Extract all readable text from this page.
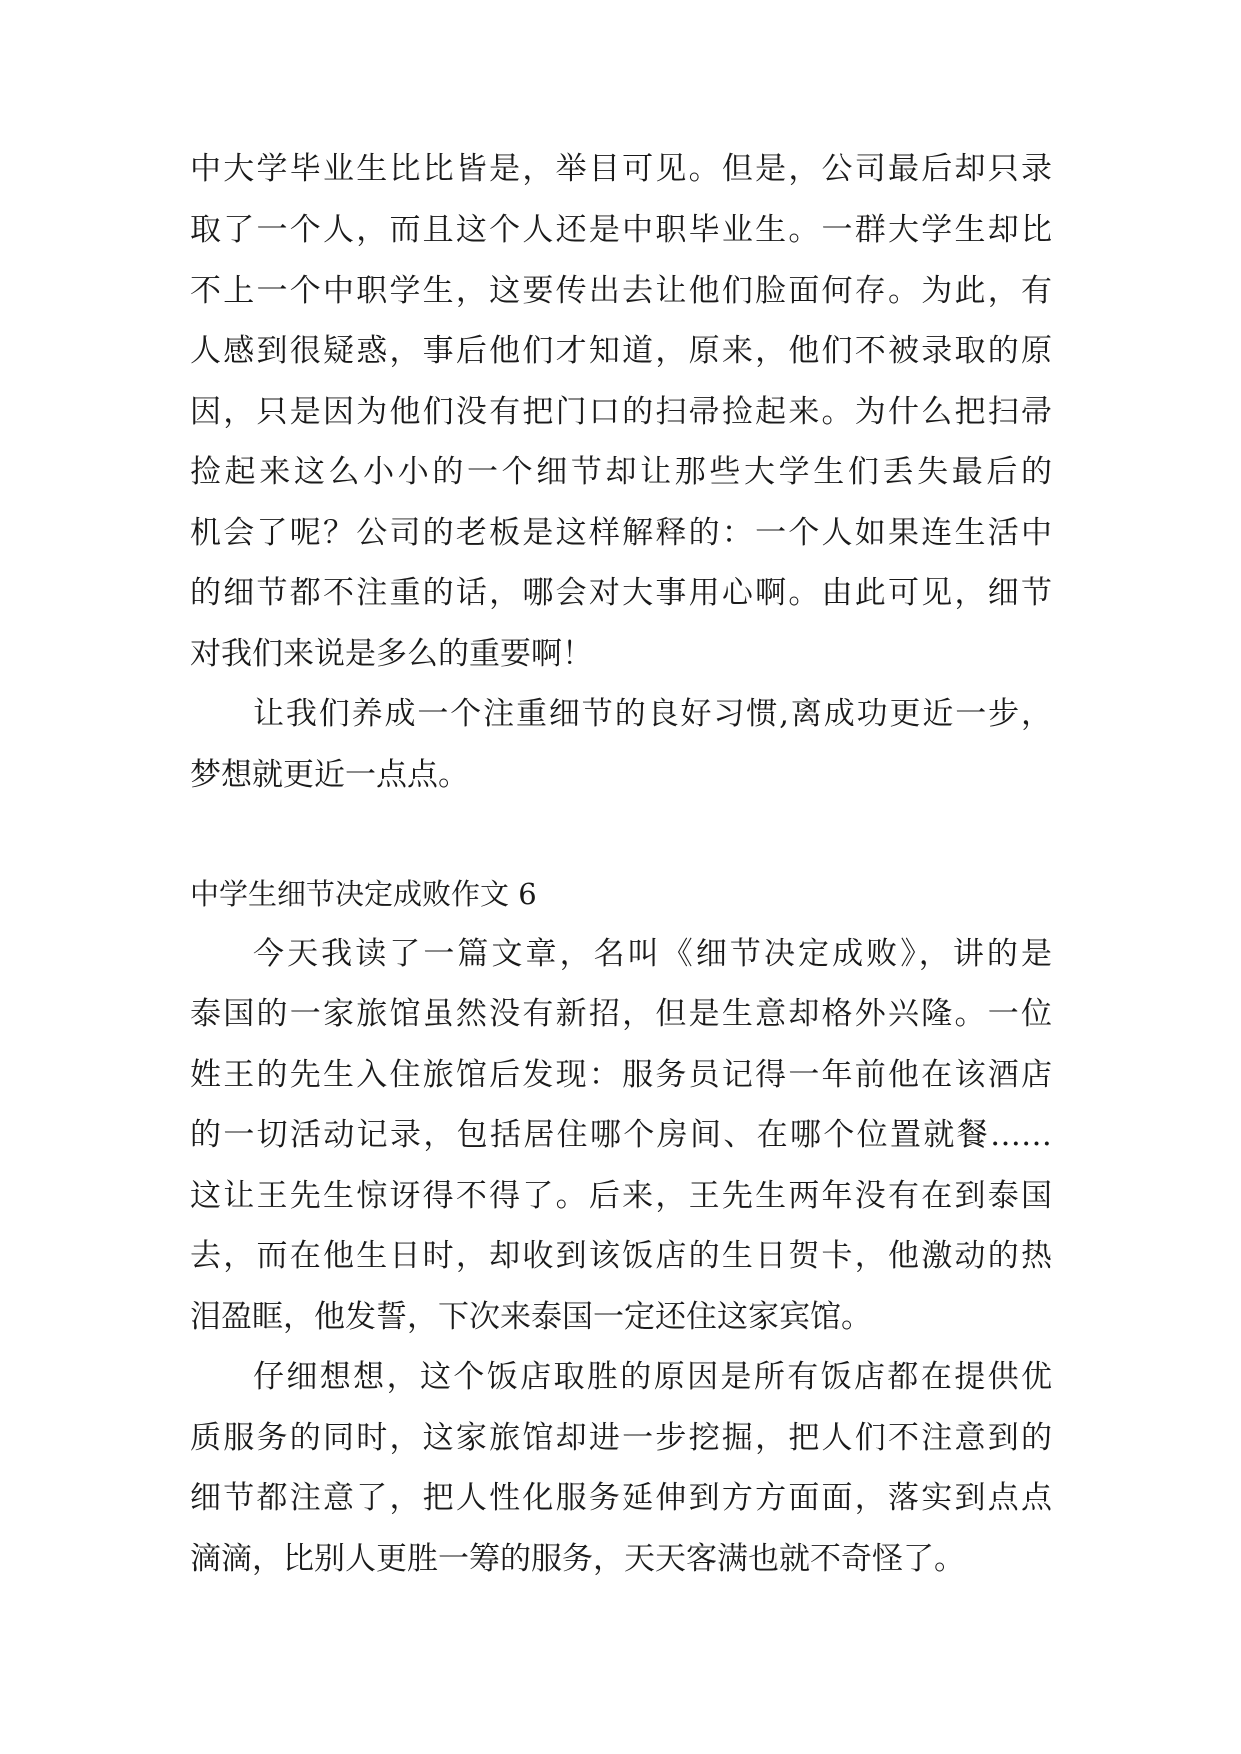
中大学毕业生比比皆是，举目可见。但是，公司最后却只录
取了一个人，而且这个人还是中职毕业生。一群大学生却比
不上一个中职学生，这要传出去让他们脸面何存。为此，有
人感到很疑惑，事后他们才知道，原来，他们不被录取的原
因，只是因为他们没有把门口的扫帚捡起来。为什么把扫帚
捡起来这么小小的一个细节却让那些大学生们丢失最后的
机会了呢？公司的老板是这样解释的：一个人如果连生活中
的细节都不注重的话，哪会对大事用心啊。由此可见，细节
对我们来说是多么的重要啊！
让我们养成一个注重细节的良好习惯,离成功更近一步，
梦想就更近一点点。
中学生细节决定成败作文 6
今天我读了一篇文章，名叫《细节决定成败》，讲的是
泰国的一家旅馆虽然没有新招，但是生意却格外兴隆。一位
姓王的先生入住旅馆后发现：服务员记得一年前他在该酒店
的一切活动记录，包括居住哪个房间、在哪个位置就餐……
这让王先生惊讶得不得了。后来，王先生两年没有在到泰国
去，而在他生日时，却收到该饭店的生日贺卡，他激动的热
泪盈眶，他发誓，下次来泰国一定还住这家宾馆。
仔细想想，这个饭店取胜的原因是所有饭店都在提供优
质服务的同时，这家旅馆却进一步挖掘，把人们不注意到的
细节都注意了，把人性化服务延伸到方方面面，落实到点点
滴滴，比别人更胜一筹的服务，天天客满也就不奇怪了。
